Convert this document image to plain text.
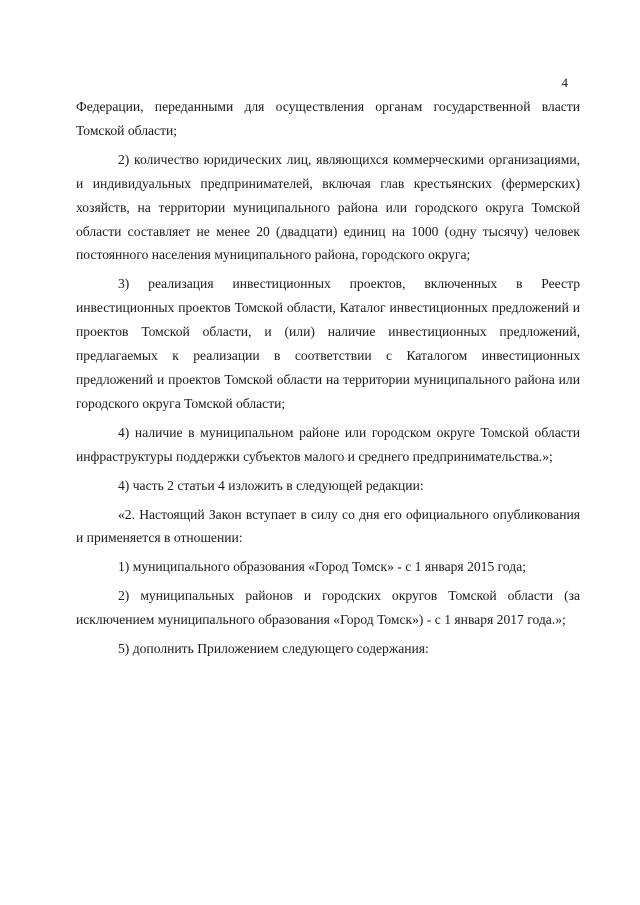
4

Федерации, переданными для осуществления органам государственной власти Томской области;

2) количество юридических лиц, являющихся коммерческими организациями, и индивидуальных предпринимателей, включая глав крестьянских (фермерских) хозяйств, на территории муниципального района или городского округа Томской области составляет не менее 20 (двадцати) единиц на 1000 (одну тысячу) человек постоянного населения муниципального района, городского округа;

3) реализация инвестиционных проектов, включенных в Реестр инвестиционных проектов Томской области, Каталог инвестиционных предложений и проектов Томской области, и (или) наличие инвестиционных предложений, предлагаемых к реализации в соответствии с Каталогом инвестиционных предложений и проектов Томской области на территории муниципального района или городского округа Томской области;

4) наличие в муниципальном районе или городском округе Томской области инфраструктуры поддержки субъектов малого и среднего предпринимательства.»;

4) часть 2 статьи 4 изложить в следующей редакции:

«2. Настоящий Закон вступает в силу со дня его официального опубликования и применяется в отношении:

1) муниципального образования «Город Томск» - с 1 января 2015 года;

2) муниципальных районов и городских округов Томской области (за исключением муниципального образования «Город Томск») - с 1 января 2017 года.»;

5) дополнить Приложением следующего содержания:
